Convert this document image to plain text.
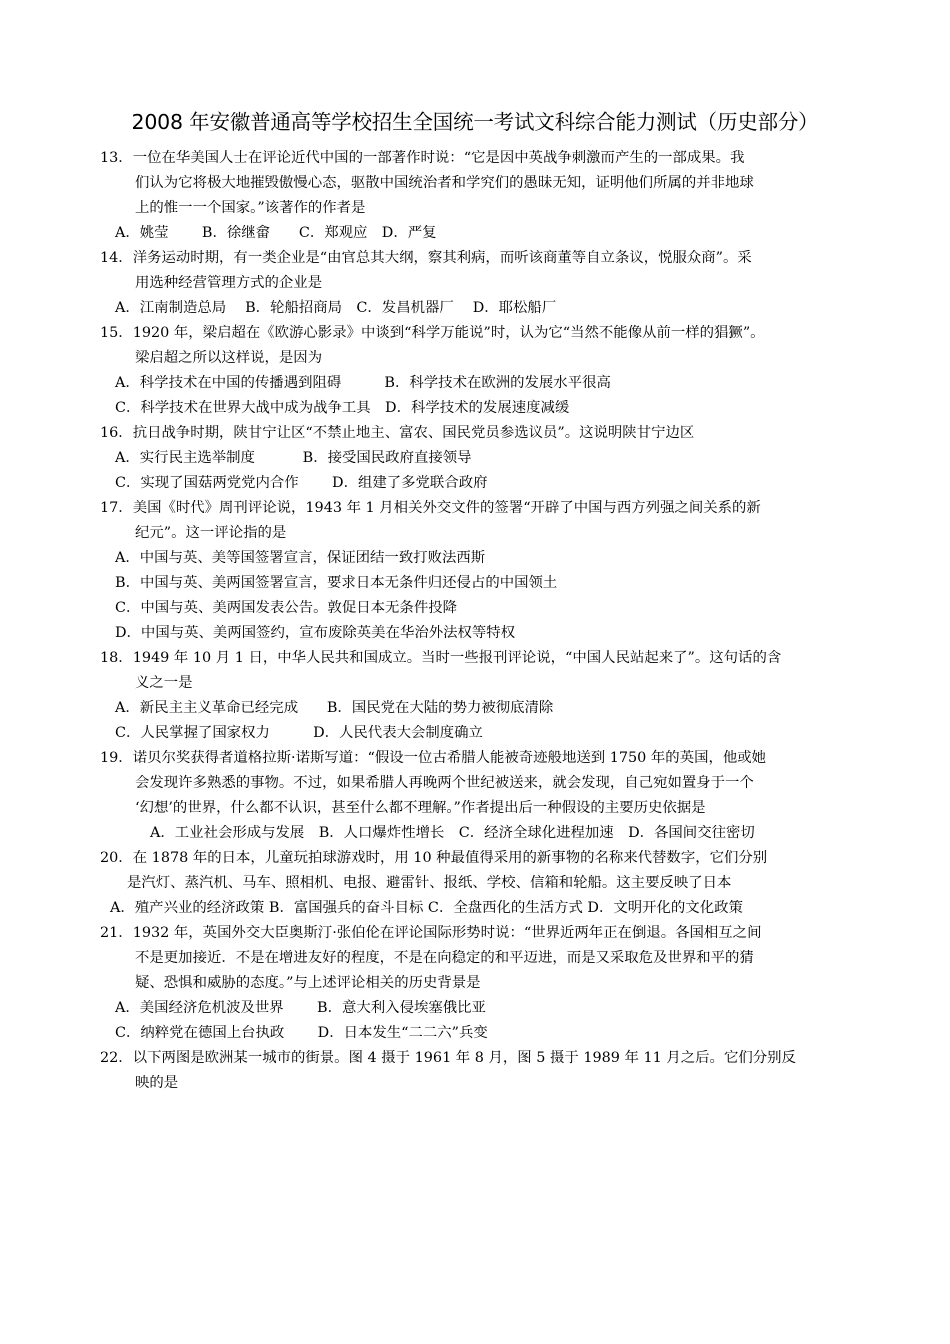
2008 年安徽普通高等学校招生全国统一考试文科综合能力测试（历史部分）
13．一位在华美国人士在评论近代中国的一部著作时说：“它是因中英战争刺激而产生的一部成果。我
们认为它将极大地摧毁傲慢心态，驱散中国统治者和学究们的愚昧无知，证明他们所属的并非地球
上的惟一一个国家。”该著作的作者是
A．姚莹　　 B．徐继畲　　C．郑观应　D．严复
14．洋务运动时期，有一类企业是“由官总其大纲，察其利病，而听该商董等自立条议，悦服众商”。采
用选种经营管理方式的企业是
A．江南制造总局　 B．轮船招商局　C．发昌机器厂　 D．耶松船厂
15．1920 年，梁启超在《欧游心影录》中谈到“科学万能说”时，认为它“当然不能像从前一样的猖獗”。
梁启超之所以这样说，是因为
A．科学技术在中国的传播遇到阻碍　　　B．科学技术在欧洲的发展水平很高
C．科学技术在世界大战中成为战争工具　D．科学技术的发展速度减缓
16．抗日战争时期，陕甘宁让区“不禁止地主、富农、国民党员参选议员”。这说明陕甘宁边区
A．实行民主选举制度　　　 B．接受国民政府直接领导
C．实现了国菇两党党内合作　　 D．组建了多党联合政府
17．美国《时代》周刊评论说，1943 年 1 月相关外交文件的签署“开辟了中国与西方列强之间关系的新
纪元”。这一评论指的是
A．中国与英、美等国签署宣言，保证团结一致打败法西斯
B．中国与英、美两国签署宣言，要求日本无条件归还侵占的中国领土
C．中国与英、美两国发表公告。敦促日本无条件投降
D．中国与英、美两国签约，宣布废除英美在华治外法权等特权
18．1949 年 10 月 1 日，中华人民共和国成立。当时一些报刊评论说，“中国人民站起来了”。这句话的含
义之一是
A．新民主主义革命已经完成　　B．国民党在大陆的势力被彻底清除
C．人民掌握了国家权力　　　D．人民代表大会制度确立
19．诺贝尔奖获得者道格拉斯·诺斯写道：“假设一位古希腊人能被奇迹般地送到 1750 年的英国，他或她
会发现许多熟悉的事物。不过，如果希腊人再晚两个世纪被送来，就会发现，自己宛如置身于一个
‘幻想’的世界，什么都不认识，甚至什么都不理解。”作者提出后一种假设的主要历史依据是
A．工业社会形成与发展　B．人口爆炸性增长　C．经济全球化进程加速　D．各国间交往密切
20．在 1878 年的日本，儿童玩拍球游戏时，用 10 种最值得采用的新事物的名称来代替数字，它们分别
是汽灯、蒸汽机、马车、照相机、电报、避雷针、报纸、学校、信箱和轮船。这主要反映了日本
A．殖产兴业的经济政策 B．富国强兵的奋斗目标 C．全盘西化的生活方式 D．文明开化的文化政策
21．1932 年，英国外交大臣奥斯汀·张伯伦在评论国际形势时说：“世界近两年正在倒退。各国相互之间
不是更加接近．不是在增进友好的程度，不是在向稳定的和平迈进，而是又采取危及世界和平的猜
疑、恐惧和威胁的态度。”与上述评论相关的历史背景是
A．美国经济危机波及世界　　 B．意大利入侵埃塞俄比亚
C．纳粹党在德国上台执政　　 D．日本发生“二二六”兵变
22．以下两图是欧洲某一城市的街景。图 4 摄于 1961 年 8 月，图 5 摄于 1989 年 11 月之后。它们分别反
映的是
